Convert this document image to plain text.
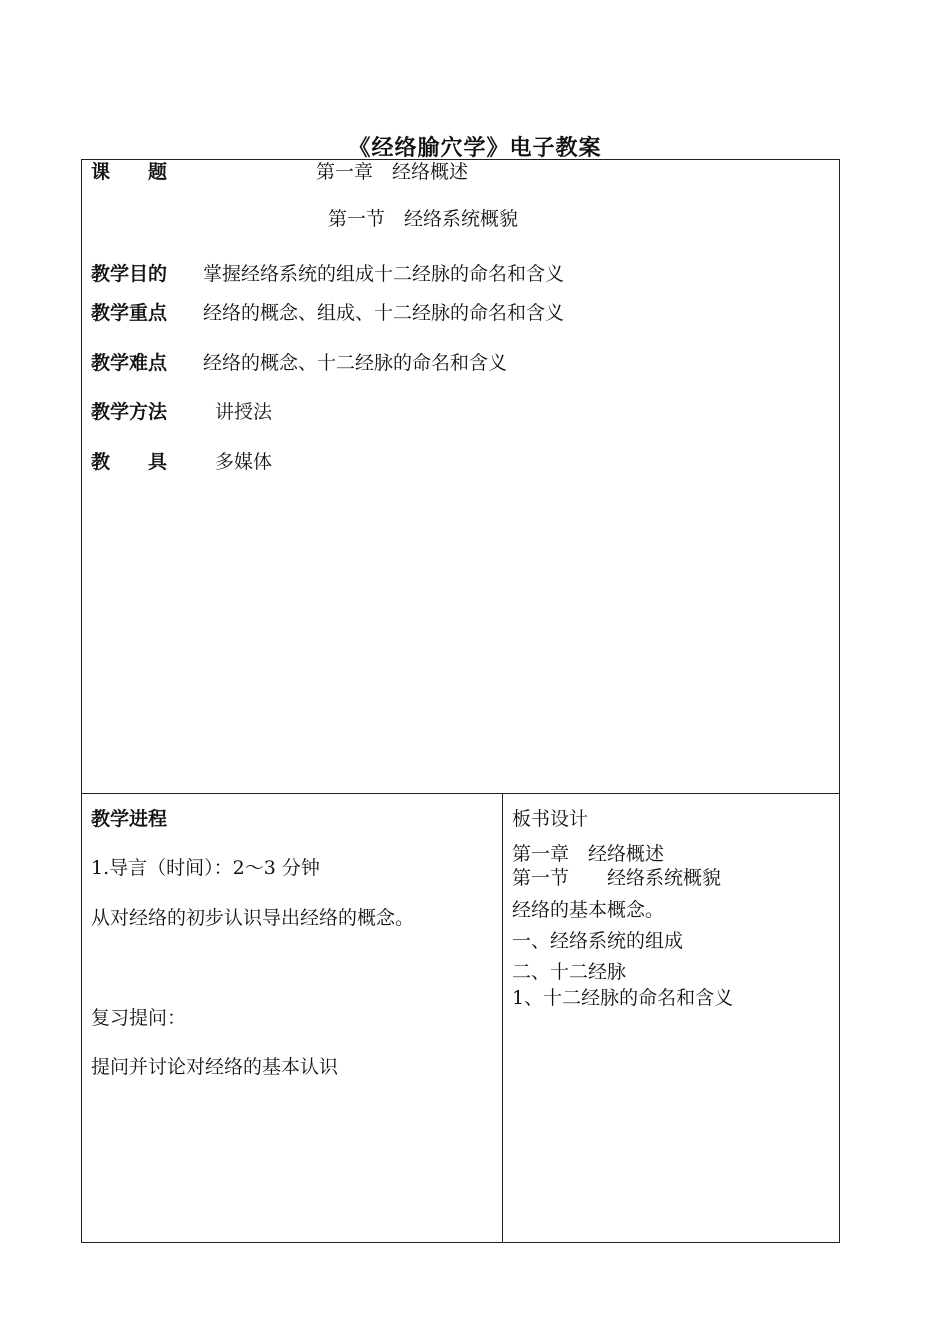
《经络腧穴学》电子教案
课　　题	第一章　经络概述
第一节　经络系统概貌
教学目的 掌握经络系统的组成十二经脉的命名和含义
教学重点 经络的概念、组成、十二经脉的命名和含义
教学难点 经络的概念、十二经脉的命名和含义
教学方法	讲授法
教　　具	多媒体
教学进程
1.导言（时间）：2～3 分钟
从对经络的初步认识导出经络的概念。
复习提问：
提问并讨论对经络的基本认识
板书设计
第一章　经络概述
第一节　　经络系统概貌
经络的基本概念。
一、经络系统的组成
二、十二经脉
1、十二经脉的命名和含义
